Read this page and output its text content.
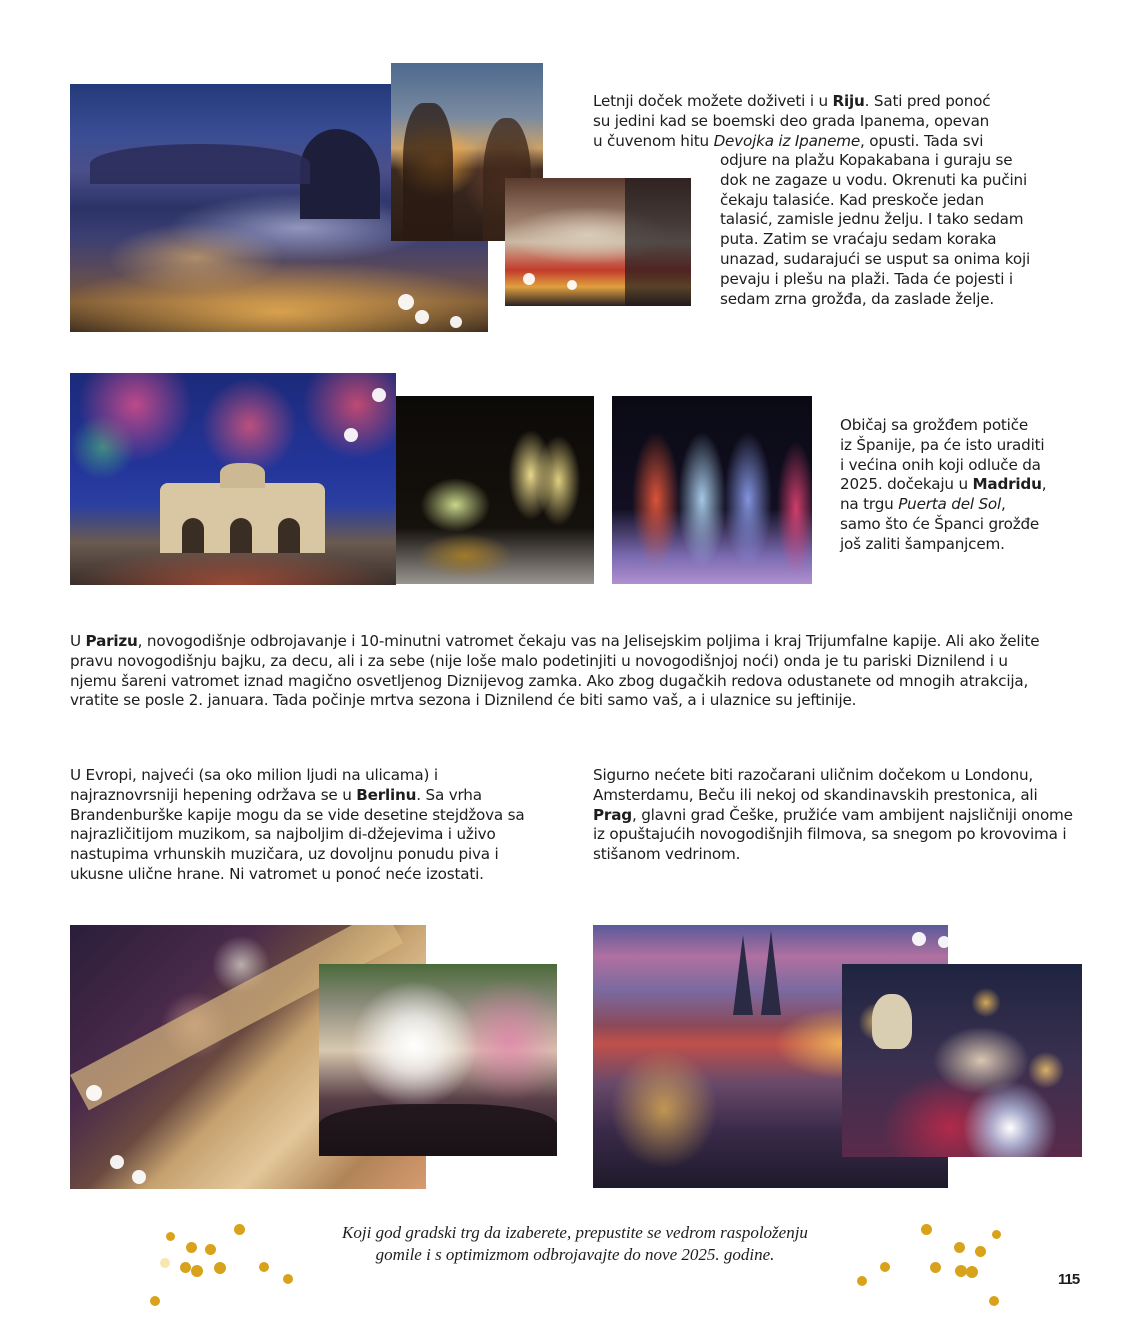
Letnji doček možete doživeti i u Riju. Sati pred ponoć
su jedini kad se boemski deo grada Ipanema, opevan
u čuvenom hitu Devojka iz Ipaneme, opusti. Tada svi
odjure na plažu Kopakabana i guraju se
dok ne zagaze u vodu. Okrenuti ka pučini
čekaju talasiće. Kad preskoče jedan
talasić, zamisle jednu želju. I tako sedam
puta. Zatim se vraćaju sedam koraka
unazad, sudarajući se usput sa onima koji
pevaju i plešu na plaži. Tada će pojesti i
sedam zrna grožđa, da zaslade želje.
Običaj sa grožđem potiče
iz Španije, pa će isto uraditi
i većina onih koji odluče da
2025. dočekaju u Madridu,
na trgu Puerta del Sol,
samo što će Španci grožđe
još zaliti šampanjcem.
U Parizu, novogodišnje odbrojavanje i 10-minutni vatromet čekaju vas na Jelisejskim poljima i kraj Trijumfalne kapije. Ali ako želite pravu novogodišnju bajku, za decu, ali i za sebe (nije loše malo podetinjiti u novogodišnjoj noći) onda je tu pariski Diznilend i u njemu šareni vatromet iznad magično osvetljenog Diznijevog zamka. Ako zbog dugačkih redova odustanete od mnogih atrakcija, vratite se posle 2. januara. Tada počinje mrtva sezona i Diznilend će biti samo vaš, a i ulaznice su jeftinije.
U Evropi, najveći (sa oko milion ljudi na ulicama) i najraznovrsniji hepening održava se u Berlinu. Sa vrha Brandenburške kapije mogu da se vide desetine stejdžova sa najrazličitijom muzikom, sa najboljim di-džejevima i uživo nastupima vrhunskih muzičara, uz dovoljnu ponudu piva i ukusne ulične hrane. Ni vatromet u ponoć neće izostati.
Sigurno nećete biti razočarani uličnim dočekom u Londonu, Amsterdamu, Beču ili nekoj od skandinavskih prestonica, ali Prag, glavni grad Češke, pružiće vam ambijent najsličniji onome iz opuštajućih novogodišnjih filmova, sa snegom po krovovima i stišanom vedrinom.
Koji god gradski trg da izaberete, prepustite se vedrom raspoloženju
gomile i s optimizmom odbrojavajte do nove 2025. godine.
115
